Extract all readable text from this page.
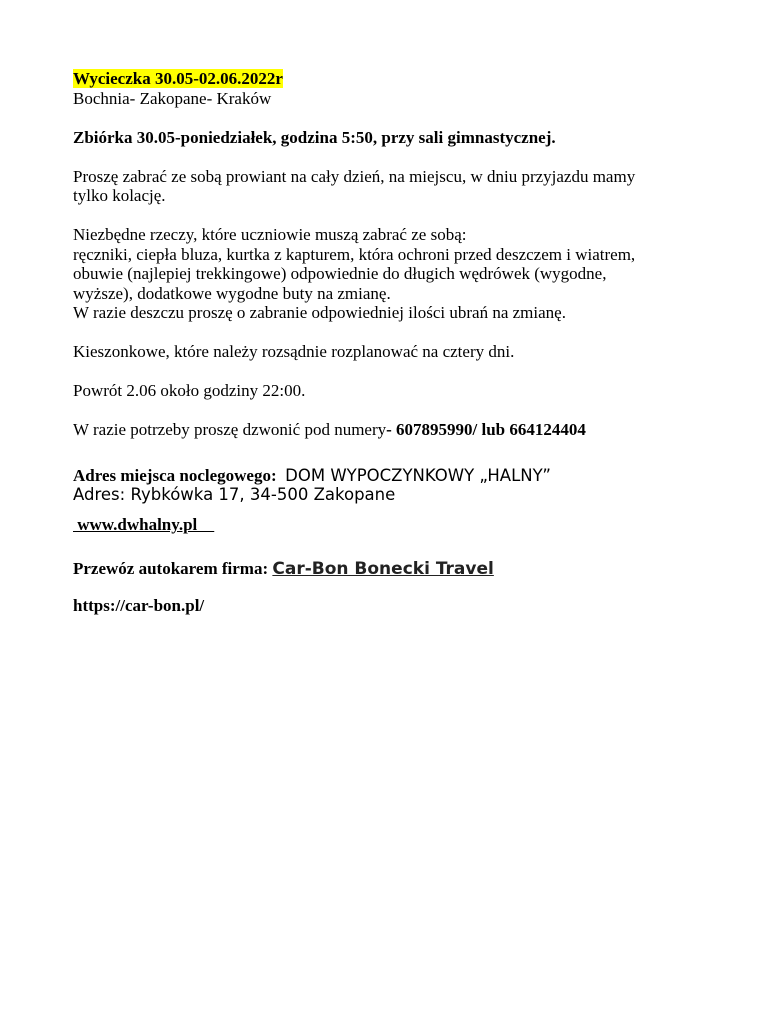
Wycieczka 30.05-02.06.2022r

Bochnia- Zakopane- Kraków

Zbiórka 30.05-poniedziałek, godzina 5:50, przy sali gimnastycznej.

Proszę zabrać ze sobą prowiant na cały dzień, na miejscu, w dniu przyjazdu mamy

tylko kolację.

Niezbędne rzeczy, które uczniowie muszą zabrać ze sobą:

ręczniki, ciepła bluza, kurtka z kapturem, która ochroni przed deszczem i wiatrem,

obuwie (najlepiej trekkingowe) odpowiednie do długich wędrówek (wygodne,

wyższe), dodatkowe wygodne buty na zmianę.

W razie deszczu proszę o zabranie odpowiedniej ilości ubrań na zmianę.

Kieszonkowe, które należy rozsądnie rozplanować na cztery dni.

Powrót 2.06 około godziny 22:00.

W razie potrzeby proszę dzwonić pod numery- 607895990/ lub 664124404

Adres miejsca noclegowego: DOM WYPOCZYNKOWY „HALNY”

Adres: Rybkówka 17, 34-500 Zakopane

www.dwhalny.pl

Przewóz autokarem firma: Car-Bon Bonecki Travel

https://car-bon.pl/
